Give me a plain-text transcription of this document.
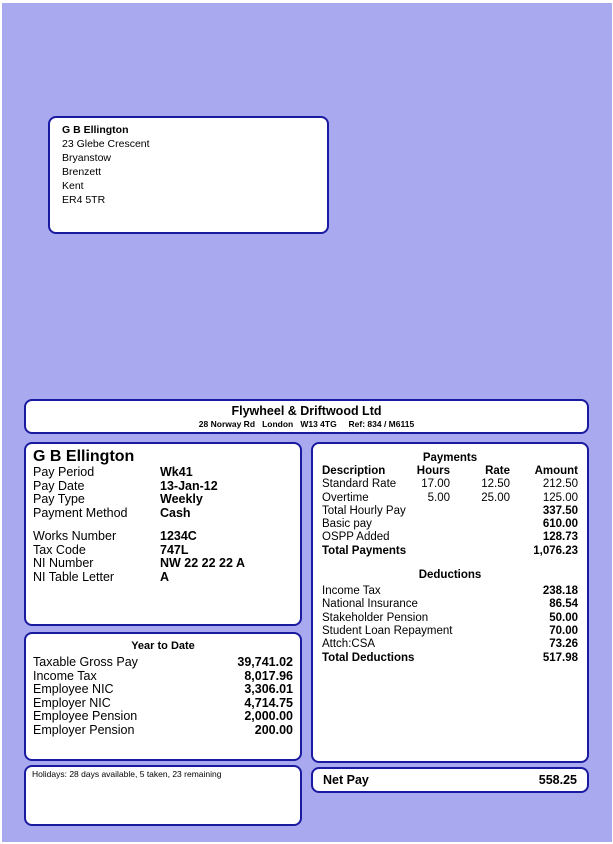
G B Ellington
23 Glebe Crescent
Bryanstow
Brenzett
Kent
ER4 5TR
Flywheel & Driftwood Ltd
28 Norway Rd   London   W13 4TG     Ref: 834 / M6115
G B Ellington
Pay Period	Wk41
Pay Date	13-Jan-12
Pay Type	Weekly
Payment Method	Cash
Works Number	1234C
Tax Code	747L
NI Number	NW 22 22 22 A
NI Table Letter	A
Year to Date
Taxable Gross Pay	39,741.02
Income Tax	8,017.96
Employee NIC	3,306.01
Employer NIC	4,714.75
Employee Pension	2,000.00
Employer Pension	200.00
Holidays: 28 days available, 5 taken, 23 remaining
Payments
Description	Hours	Rate	Amount
Standard Rate	17.00	12.50	212.50
Overtime	5.00	25.00	125.00
Total Hourly Pay			337.50
Basic pay			610.00
OSPP Added			128.73
Total Payments			1,076.23
Deductions
Income Tax	238.18
National Insurance	86.54
Stakeholder Pension	50.00
Student Loan Repayment	70.00
Attch:CSA	73.26
Total Deductions	517.98
Net Pay	558.25
